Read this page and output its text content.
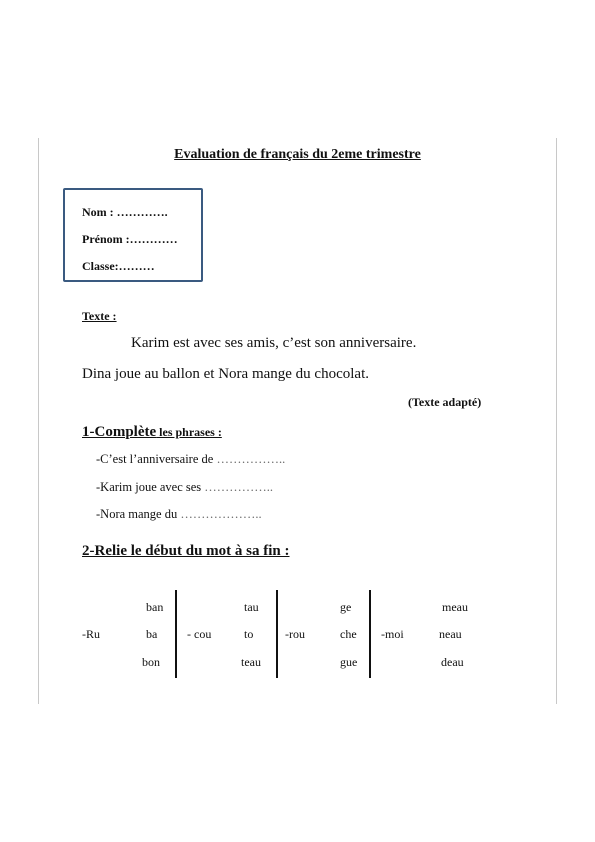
Evaluation de français du 2eme trimestre
Nom : ………….
Prénom :…………
Classe:………
Texte :
Karim est avec ses amis, c’est son anniversaire.
Dina joue au ballon et Nora mange du chocolat.
(Texte adapté)
1-Complète les phrases :
-C’est l’anniversaire de ……………..
-Karim joue avec ses ……………..
-Nora mange du ………………..
2-Relie le début du mot à sa fin :
-Ru
ban
ba
bon
- cou
tau
to
teau
-rou
ge
che
gue
-moi
meau
neau
deau
